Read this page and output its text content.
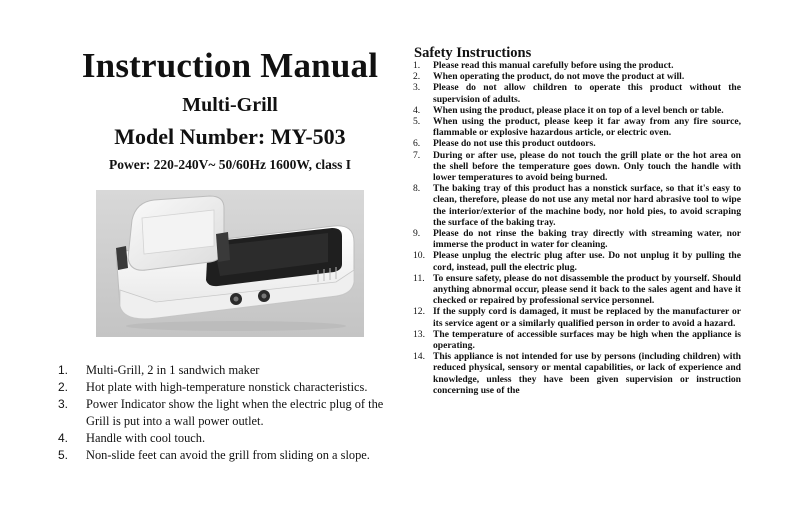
Instruction Manual
Multi-Grill
Model Number: MY-503
Power: 220-240V~ 50/60Hz 1600W, class I
1.	Multi-Grill, 2 in 1 sandwich maker
2.	Hot plate with high-temperature nonstick characteristics.
3.	Power Indicator show the light when the electric plug of the Grill is put into a wall power outlet.
4.	Handle with cool touch.
5.	Non-slide feet can avoid the grill from sliding on a slope.
Safety Instructions
1. Please read this manual carefully before using the product.
2. When operating the product, do not move the product at will.
3. Please do not allow children to operate this product without the supervision of adults.
4. When using the product, please place it on top of a level bench or table.
5. When using the product, please keep it far away from any fire source, flammable or explosive hazardous article, or electric oven.
6. Please do not use this product outdoors.
7. During or after use, please do not touch the grill plate or the hot area on the shell before the temperature goes down. Only touch the handle with lower temperatures to avoid being burned.
8. The baking tray of this product has a nonstick surface, so that it's easy to clean, therefore, please do not use any metal nor hard abrasive tool to wipe the interior/exterior of the machine body, nor hold pies, to avoid scraping the surface of the baking tray.
9. Please do not rinse the baking tray directly with streaming water, nor immerse the product in water for cleaning.
10. Please unplug the electric plug after use. Do not unplug it by pulling the cord, instead, pull the electric plug.
11. To ensure safety, please do not disassemble the product by yourself. Should anything abnormal occur, please send it back to the sales agent and have it checked or repaired by professional service personnel.
12. If the supply cord is damaged, it must be replaced by the manufacturer or its service agent or a similarly qualified person in order to avoid a hazard.
13. The temperature of accessible surfaces may be high when the appliance is operating.
14. This appliance is not intended for use by persons (including children) with reduced physical, sensory or mental capabilities, or lack of experience and knowledge, unless they have been given supervision or instruction concerning use of the
